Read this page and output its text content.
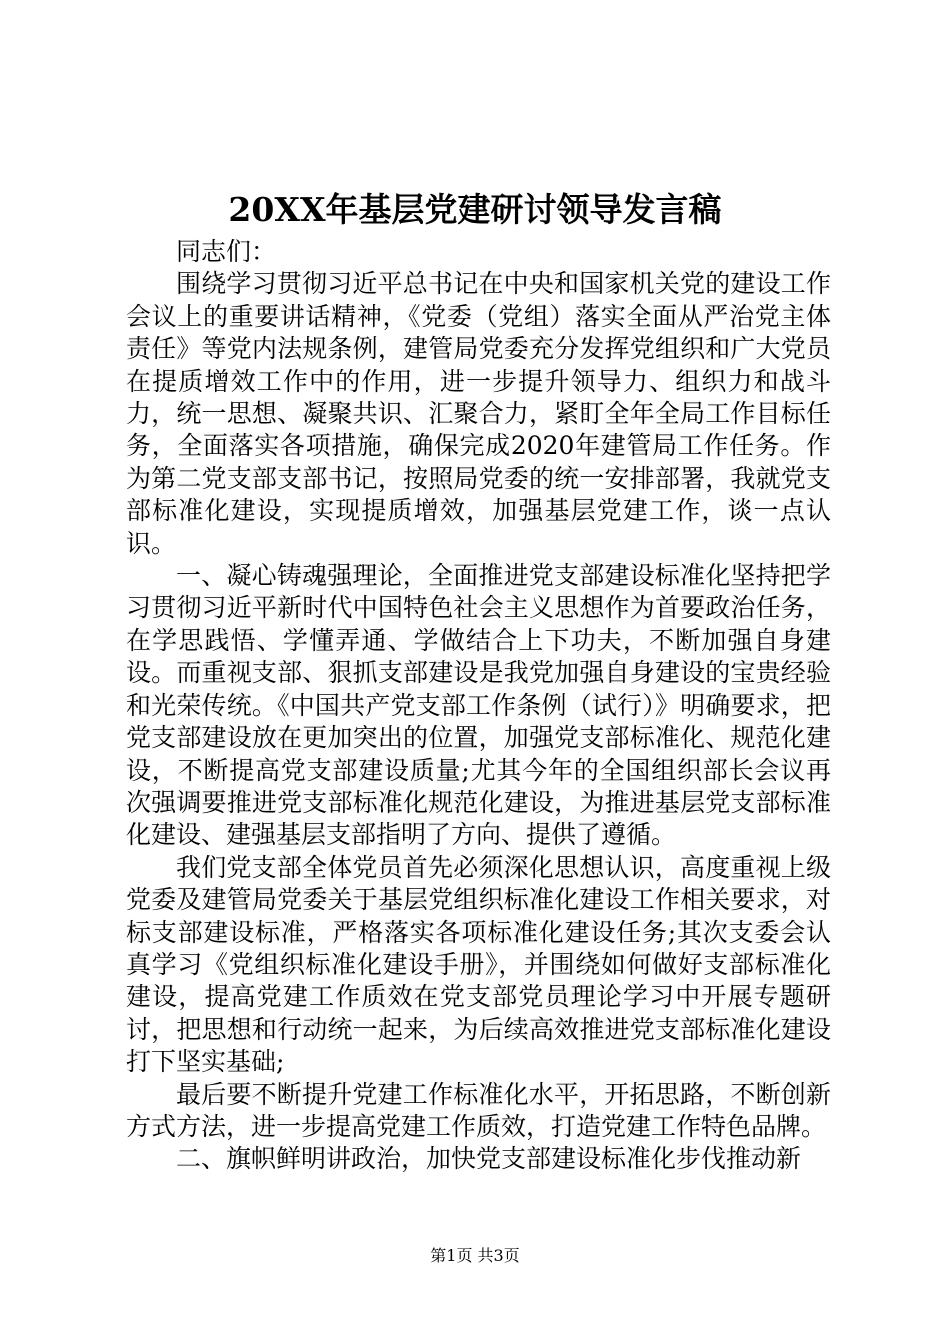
20XX年基层党建研讨领导发言稿

同志们：

围绕学习贯彻习近平总书记在中央和国家机关党的建设工作会议上的重要讲话精神，《党委（党组）落实全面从严治党主体责任》等党内法规条例，建管局党委充分发挥党组织和广大党员在提质增效工作中的作用，进一步提升领导力、组织力和战斗力，统一思想、凝聚共识、汇聚合力，紧盯全年全局工作目标任务，全面落实各项措施，确保完成2020年建管局工作任务。作为第二党支部支部书记，按照局党委的统一安排部署，我就党支部标准化建设，实现提质增效，加强基层党建工作，谈一点认识。

一、凝心铸魂强理论，全面推进党支部建设标准化坚持把学习贯彻习近平新时代中国特色社会主义思想作为首要政治任务，在学思践悟、学懂弄通、学做结合上下功夫，不断加强自身建设。而重视支部、狠抓支部建设是我党加强自身建设的宝贵经验和光荣传统。《中国共产党支部工作条例（试行）》明确要求，把党支部建设放在更加突出的位置，加强党支部标准化、规范化建设，不断提高党支部建设质量;尤其今年的全国组织部长会议再次强调要推进党支部标准化规范化建设，为推进基层党支部标准化建设、建强基层支部指明了方向、提供了遵循。

我们党支部全体党员首先必须深化思想认识，高度重视上级党委及建管局党委关于基层党组织标准化建设工作相关要求，对标支部建设标准，严格落实各项标准化建设任务;其次支委会认真学习《党组织标准化建设手册》，并围绕如何做好支部标准化建设，提高党建工作质效在党支部党员理论学习中开展专题研讨，把思想和行动统一起来，为后续高效推进党支部标准化建设打下坚实基础;

最后要不断提升党建工作标准化水平，开拓思路，不断创新方式方法，进一步提高党建工作质效，打造党建工作特色品牌。

二、旗帜鲜明讲政治，加快党支部建设标准化步伐推动新

第1页 共3页
